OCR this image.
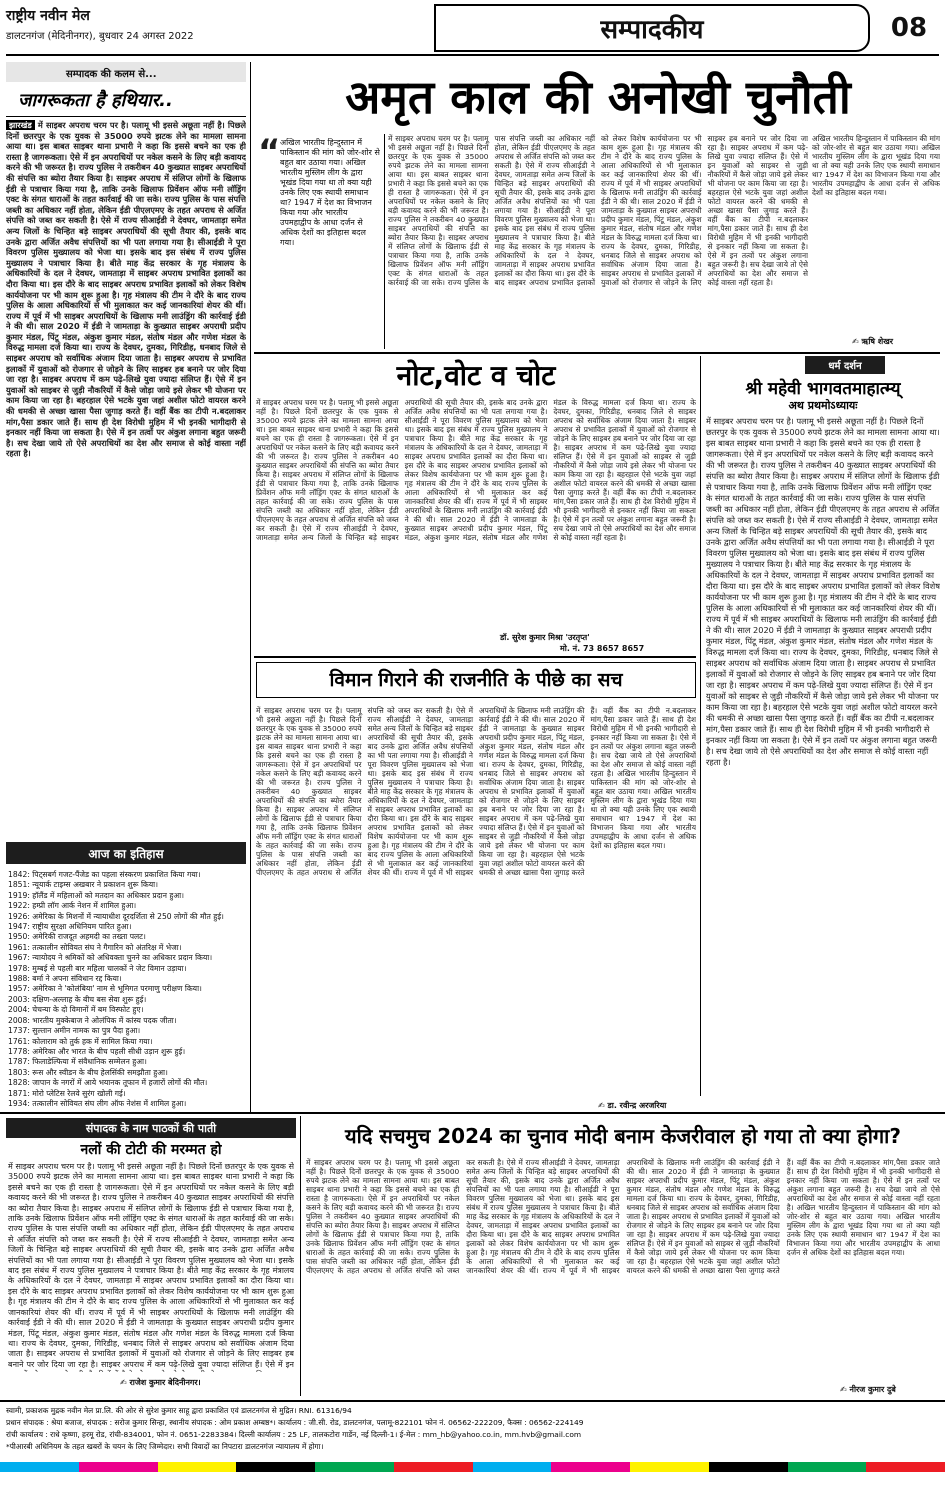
राष्ट्रीय नवीन मेल
डालटनगंज (मेदिनीनगर), बुधवार 24 अगस्त 2022	सम्पादकीय	08
सम्पादक की कलम से...
जागरूकता है हथियार..
झारखंड में साइबर अपराध चरम पर है। पलामू भी इससे अछूता नहीं है। पिछले दिनों छतरपुर के एक युवक से 35000 रुपये झटक लेने का मामला सामना आया था। इस बाबत साइबर थाना प्रभारी ने कहा कि इससे बचने का एक ही रास्ता है जागरूकता। ऐसे में इन अपराधियों पर नकेल कसने के लिए बड़ी कवायद करने की भी जरूरत है। राज्य पुलिस ने तकरीबन 40 कुख्यात साइबर अपराधियों की संपत्ति का ब्योरा तैयार किया है। साइबर अपराध में संलिप्त लोगों के खिलाफ ईडी से पत्राचार किया गया है, ताकि उनके खिलाफ प्रिवेंशन ऑफ मनी लॉड्रिंग एक्ट के संगत धाराओं के तहत कार्रवाई की जा सके। राज्य पुलिस के पास संपत्ति जब्ती का अधिकार नहीं होता, लेकिन ईडी पीएलएमए के तहत अपराध से अर्जित संपत्ति को जब्त कर सकती है। ऐसे में राज्य सीआईडी ने देवघर, जामताड़ा समेत अन्य जिलों के चिन्हित बड़े साइबर अपराधियों की सूची तैयार की, इसके बाद उनके द्वारा अर्जित अवैध संपत्तियों का भी पता लगाया गया है। सीआईडी ने पूरा विवरण पुलिस मुख्यालय को भेजा था। इसके बाद इस संबंध में राज्य पुलिस मुख्यालय ने पत्राचार किया है। बीते माह केंद्र सरकार के गृह मंत्रालय के अधिकारियों के दल ने देवघर, जामताड़ा में साइबर अपराध प्रभावित इलाकों का दौरा किया था। इस दौरे के बाद साइबर अपराध प्रभावित इलाकों को लेकर विशेष कार्ययोजना पर भी काम शुरू हुआ है। गृह मंत्रालय की टीम ने दौरे के बाद राज्य पुलिस के आला अधिकारियों से भी मुलाकात कर कई जानकारियां शेयर की थीं। राज्य में पूर्व में भी साइबर अपराधियों के खिलाफ मनी लाउंड्रिंग की कार्रवाई ईडी ने की थी। साल 2020 में ईडी ने जामताड़ा के कुख्यात साइबर अपराधी प्रदीप कुमार मंडल, पिंटू मंडल, अंकुश कुमार मंडल, संतोष मंडल और गणेश मंडल के विरुद्ध मामला दर्ज किया था। राज्य के देवघर, दुमका, गिरिडीह, धनबाद जिले से साइबर अपराध को सर्वाधिक अंजाम दिया जाता है। साइबर अपराध से प्रभावित इलाकों में युवाओं को रोजगार से जोड़ने के लिए साइबर हब बनाने पर जोर दिया जा रहा है। साइबर अपराध में कम पढ़े-लिखे युवा ज्यादा संलिप्त हैं। ऐसे में इन युवाओं को साइबर से जुड़ी नौकरियों में कैसे जोड़ा जाये इसे लेकर भी योजना पर काम किया जा रहा है। बहरहाल ऐसे भटके युवा जहां अशील फोटो वायरल करने की धमकी से अच्छा खासा पैसा जुगाड़ करते हैं। वहीं बैंक का टीपी न.बदलाकर मांग,पैसा डकार जाते हैं। साथ ही देश विरोधी मुहिम में भी इनकी भागीदारी से इनकार नहीं किया जा सकता है। ऐसे में इन तत्वों पर अंकुश लगाना बहुत जरूरी है। सच देखा जाये तो ऐसे अपराधियों का देश और समाज से कोई वास्ता नहीं रहता है।
आज का इतिहास
1842: पिट्सबर्ग गजट-पैंजेड का पहला संस्करण प्रकाशित किया गया।
1851: न्यूयार्क टाइम्स अखबार ने प्रकाशन शुरू किया।
1919: हॉलैंड में महिलाओं को मतदान का अधिकार प्रदान हुआ।
1922: हम्प्री लॉग आर्क नेशन में शामिल हुआ।
1926: अमेरिका के मिशनों में न्यायाधीश दूरदर्शिता से 250 लोगों की मौत हुई।
1947: राष्ट्रीय सुरक्षा अधिनियम पारित हुआ।
1950: अमेरिकी राजदूत अहमदी का तख्ता पलट।
1961: तत्कालीन सोवियत संघ ने गैगारिन को अंतरिक्ष में भेजा।
1967: न्यायोदय ने श्रमिकों को अधिवक्ता चुनने का अधिकार प्रदान किया।
1978: मुम्बई से पहली बार महिला चालकों ने जेट विमान उड़ाया।
1988: बर्मा ने अपना संविधान रद्द किया।
1957: अमेरिका ने 'कोलंबिया' नाम से भूमिगत परमाणु परीक्षण किया।
2003: दक्षिण-अल्लाह के बीच बस सेवा शुरू हुई।
2004: चेचन्या के दो विमानों में बम विस्फोट हुए।
2008: भारतीय मुक्केबाज ने ओलंपिक में कांस्य पदक जीता।
1737: सुल्तान अमीन नामक का पुत्र पैदा हुआ।
1761: कोलाराम को तुर्क हक में सामिल किया गया।
1778: अमेरिका और भारत के बीच पहली सीधी उड़ान शुरू हुई।
1787: फिलाडेल्फिया में संवैधानिक सम्मेलन हुआ।
1803: रूस और स्वीडन के बीच हेलसिंकी समझौता हुआ।
1828: जापान के नगरों में आये भयानक तूफान में हजारों लोगों की मौत।
1871: मोरो प्लेटिस रेलवे सुरंग खोली गई।
1934: तत्कालीन सोवियत संघ लीग ऑफ नेशंस में शामिल हुआ।
अमृत काल की अनोखी चुनौती
“ अखिल भारतीय हिन्दुस्तान में पाकिस्तान की मांग को जोर-शोर से बहुत बार उठाया गया। अखिल भारतीय मुस्लिम लीग के द्वारा भूखंड दिया गया था तो क्या यही उनके लिए एक स्थायी समाधान था? 1947 में देश का विभाजन किया गया और भारतीय उपमहाद्वीप के आधा दर्जन से अधिक देशों का इतिहास बदल गया।
में साइबर अपराध चरम पर है। पलामू भी इससे अछूता नहीं है। पिछले दिनों छतरपुर के एक युवक से 35000 रुपये झटक लेने का मामला सामना आया था। इस बाबत साइबर थाना प्रभारी ने कहा कि इससे बचने का एक ही रास्ता है जागरूकता। ऐसे में इन अपराधियों पर नकेल कसने के लिए बड़ी कवायद करने की भी जरूरत है। राज्य पुलिस ने तकरीबन 40 कुख्यात साइबर अपराधियों की संपत्ति का ब्योरा तैयार किया है। साइबर अपराध में संलिप्त लोगों के खिलाफ ईडी से पत्राचार किया गया है, ताकि उनके खिलाफ प्रिवेंशन ऑफ मनी लॉड्रिंग एक्ट के संगत धाराओं के तहत कार्रवाई की जा सके। राज्य पुलिस के पास संपत्ति जब्ती का अधिकार नहीं होता, लेकिन ईडी पीएलएमए के तहत अपराध से अर्जित संपत्ति को जब्त कर सकती है। ऐसे में राज्य सीआईडी ने देवघर, जामताड़ा समेत अन्य जिलों के चिन्हित बड़े साइबर अपराधियों की सूची तैयार की, इसके बाद उनके द्वारा अर्जित अवैध संपत्तियों का भी पता लगाया गया है। सीआईडी ने पूरा विवरण पुलिस मुख्यालय को भेजा था। इसके बाद इस संबंध में राज्य पुलिस मुख्यालय ने पत्राचार किया है। बीते माह केंद्र सरकार के गृह मंत्रालय के अधिकारियों के दल ने देवघर, जामताड़ा में साइबर अपराध प्रभावित इलाकों का दौरा किया था। इस दौरे के बाद साइबर अपराध प्रभावित इलाकों को लेकर विशेष कार्ययोजना पर भी काम शुरू हुआ है। गृह मंत्रालय की टीम ने दौरे के बाद राज्य पुलिस के आला अधिकारियों से भी मुलाकात कर कई जानकारियां शेयर की थीं। राज्य में पूर्व में भी साइबर अपराधियों के खिलाफ मनी लाउंड्रिंग की कार्रवाई ईडी ने की थी। साल 2020 में ईडी ने जामताड़ा के कुख्यात साइबर अपराधी प्रदीप कुमार मंडल, पिंटू मंडल, अंकुश कुमार मंडल, संतोष मंडल और गणेश मंडल के विरुद्ध मामला दर्ज किया था। राज्य के देवघर, दुमका, गिरिडीह, धनबाद जिले से साइबर अपराध को सर्वाधिक अंजाम दिया जाता है। साइबर अपराध से प्रभावित इलाकों में युवाओं को रोजगार से जोड़ने के लिए साइबर हब बनाने पर जोर दिया जा रहा है। साइबर अपराध में कम पढ़े-लिखे युवा ज्यादा संलिप्त हैं। ऐसे में इन युवाओं को साइबर से जुड़ी नौकरियों में कैसे जोड़ा जाये इसे लेकर भी योजना पर काम किया जा रहा है। बहरहाल ऐसे भटके युवा जहां अशील फोटो वायरल करने की धमकी से अच्छा खासा पैसा जुगाड़ करते हैं। वहीं बैंक का टीपी न.बदलाकर मांग,पैसा डकार जाते हैं। साथ ही देश विरोधी मुहिम में भी इनकी भागीदारी से इनकार नहीं किया जा सकता है। ऐसे में इन तत्वों पर अंकुश लगाना बहुत जरूरी है। सच देखा जाये तो ऐसे अपराधियों का देश और समाज से कोई वास्ता नहीं रहता है।
अखिल भारतीय हिन्दुस्तान में पाकिस्तान की मांग को जोर-शोर से बहुत बार उठाया गया। अखिल भारतीय मुस्लिम लीग के द्वारा भूखंड दिया गया था तो क्या यही उनके लिए एक स्थायी समाधान था? 1947 में देश का विभाजन किया गया और भारतीय उपमहाद्वीप के आधा दर्जन से अधिक देशों का इतिहास बदल गया।
✍ ऋषि शेखर
नोट,वोट व चोट
में साइबर अपराध चरम पर है। पलामू भी इससे अछूता नहीं है। पिछले दिनों छतरपुर के एक युवक से 35000 रुपये झटक लेने का मामला सामना आया था। इस बाबत साइबर थाना प्रभारी ने कहा कि इससे बचने का एक ही रास्ता है जागरूकता। ऐसे में इन अपराधियों पर नकेल कसने के लिए बड़ी कवायद करने की भी जरूरत है। राज्य पुलिस ने तकरीबन 40 कुख्यात साइबर अपराधियों की संपत्ति का ब्योरा तैयार किया है। साइबर अपराध में संलिप्त लोगों के खिलाफ ईडी से पत्राचार किया गया है, ताकि उनके खिलाफ प्रिवेंशन ऑफ मनी लॉड्रिंग एक्ट के संगत धाराओं के तहत कार्रवाई की जा सके। राज्य पुलिस के पास संपत्ति जब्ती का अधिकार नहीं होता, लेकिन ईडी पीएलएमए के तहत अपराध से अर्जित संपत्ति को जब्त कर सकती है। ऐसे में राज्य सीआईडी ने देवघर, जामताड़ा समेत अन्य जिलों के चिन्हित बड़े साइबर अपराधियों की सूची तैयार की, इसके बाद उनके द्वारा अर्जित अवैध संपत्तियों का भी पता लगाया गया है। सीआईडी ने पूरा विवरण पुलिस मुख्यालय को भेजा था। इसके बाद इस संबंध में राज्य पुलिस मुख्यालय ने पत्राचार किया है। बीते माह केंद्र सरकार के गृह मंत्रालय के अधिकारियों के दल ने देवघर, जामताड़ा में साइबर अपराध प्रभावित इलाकों का दौरा किया था। इस दौरे के बाद साइबर अपराध प्रभावित इलाकों को लेकर विशेष कार्ययोजना पर भी काम शुरू हुआ है। गृह मंत्रालय की टीम ने दौरे के बाद राज्य पुलिस के आला अधिकारियों से भी मुलाकात कर कई जानकारियां शेयर की थीं। राज्य में पूर्व में भी साइबर अपराधियों के खिलाफ मनी लाउंड्रिंग की कार्रवाई ईडी ने की थी। साल 2020 में ईडी ने जामताड़ा के कुख्यात साइबर अपराधी प्रदीप कुमार मंडल, पिंटू मंडल, अंकुश कुमार मंडल, संतोष मंडल और गणेश मंडल के विरुद्ध मामला दर्ज किया था। राज्य के देवघर, दुमका, गिरिडीह, धनबाद जिले से साइबर अपराध को सर्वाधिक अंजाम दिया जाता है। साइबर अपराध से प्रभावित इलाकों में युवाओं को रोजगार से जोड़ने के लिए साइबर हब बनाने पर जोर दिया जा रहा है। साइबर अपराध में कम पढ़े-लिखे युवा ज्यादा संलिप्त हैं। ऐसे में इन युवाओं को साइबर से जुड़ी नौकरियों में कैसे जोड़ा जाये इसे लेकर भी योजना पर काम किया जा रहा है। बहरहाल ऐसे भटके युवा जहां अशील फोटो वायरल करने की धमकी से अच्छा खासा पैसा जुगाड़ करते हैं। वहीं बैंक का टीपी न.बदलाकर मांग,पैसा डकार जाते हैं। साथ ही देश विरोधी मुहिम में भी इनकी भागीदारी से इनकार नहीं किया जा सकता है। ऐसे में इन तत्वों पर अंकुश लगाना बहुत जरूरी है। सच देखा जाये तो ऐसे अपराधियों का देश और समाज से कोई वास्ता नहीं रहता है।
डॉ. सुरेश कुमार मिश्रा 'उरतृप्त'
मो. नं. 73 8657 8657
धर्म दर्शन
श्री महेवी भागवतमाहात्म्य्
अथ प्रथमोऽध्यायः
में साइबर अपराध चरम पर है। पलामू भी इससे अछूता नहीं है। पिछले दिनों छतरपुर के एक युवक से 35000 रुपये झटक लेने का मामला सामना आया था। इस बाबत साइबर थाना प्रभारी ने कहा कि इससे बचने का एक ही रास्ता है जागरूकता। ऐसे में इन अपराधियों पर नकेल कसने के लिए बड़ी कवायद करने की भी जरूरत है। राज्य पुलिस ने तकरीबन 40 कुख्यात साइबर अपराधियों की संपत्ति का ब्योरा तैयार किया है। साइबर अपराध में संलिप्त लोगों के खिलाफ ईडी से पत्राचार किया गया है, ताकि उनके खिलाफ प्रिवेंशन ऑफ मनी लॉड्रिंग एक्ट के संगत धाराओं के तहत कार्रवाई की जा सके। राज्य पुलिस के पास संपत्ति जब्ती का अधिकार नहीं होता, लेकिन ईडी पीएलएमए के तहत अपराध से अर्जित संपत्ति को जब्त कर सकती है। ऐसे में राज्य सीआईडी ने देवघर, जामताड़ा समेत अन्य जिलों के चिन्हित बड़े साइबर अपराधियों की सूची तैयार की, इसके बाद उनके द्वारा अर्जित अवैध संपत्तियों का भी पता लगाया गया है। सीआईडी ने पूरा विवरण पुलिस मुख्यालय को भेजा था। इसके बाद इस संबंध में राज्य पुलिस मुख्यालय ने पत्राचार किया है। बीते माह केंद्र सरकार के गृह मंत्रालय के अधिकारियों के दल ने देवघर, जामताड़ा में साइबर अपराध प्रभावित इलाकों का दौरा किया था। इस दौरे के बाद साइबर अपराध प्रभावित इलाकों को लेकर विशेष कार्ययोजना पर भी काम शुरू हुआ है। गृह मंत्रालय की टीम ने दौरे के बाद राज्य पुलिस के आला अधिकारियों से भी मुलाकात कर कई जानकारियां शेयर की थीं। राज्य में पूर्व में भी साइबर अपराधियों के खिलाफ मनी लाउंड्रिंग की कार्रवाई ईडी ने की थी। साल 2020 में ईडी ने जामताड़ा के कुख्यात साइबर अपराधी प्रदीप कुमार मंडल, पिंटू मंडल, अंकुश कुमार मंडल, संतोष मंडल और गणेश मंडल के विरुद्ध मामला दर्ज किया था। राज्य के देवघर, दुमका, गिरिडीह, धनबाद जिले से साइबर अपराध को सर्वाधिक अंजाम दिया जाता है। साइबर अपराध से प्रभावित इलाकों में युवाओं को रोजगार से जोड़ने के लिए साइबर हब बनाने पर जोर दिया जा रहा है। साइबर अपराध में कम पढ़े-लिखे युवा ज्यादा संलिप्त हैं। ऐसे में इन युवाओं को साइबर से जुड़ी नौकरियों में कैसे जोड़ा जाये इसे लेकर भी योजना पर काम किया जा रहा है। बहरहाल ऐसे भटके युवा जहां अशील फोटो वायरल करने की धमकी से अच्छा खासा पैसा जुगाड़ करते हैं। वहीं बैंक का टीपी न.बदलाकर मांग,पैसा डकार जाते हैं। साथ ही देश विरोधी मुहिम में भी इनकी भागीदारी से इनकार नहीं किया जा सकता है। ऐसे में इन तत्वों पर अंकुश लगाना बहुत जरूरी है। सच देखा जाये तो ऐसे अपराधियों का देश और समाज से कोई वास्ता नहीं रहता है।
विमान गिराने की राजनीति के पीछे का सच
में साइबर अपराध चरम पर है। पलामू भी इससे अछूता नहीं है। पिछले दिनों छतरपुर के एक युवक से 35000 रुपये झटक लेने का मामला सामना आया था। इस बाबत साइबर थाना प्रभारी ने कहा कि इससे बचने का एक ही रास्ता है जागरूकता। ऐसे में इन अपराधियों पर नकेल कसने के लिए बड़ी कवायद करने की भी जरूरत है। राज्य पुलिस ने तकरीबन 40 कुख्यात साइबर अपराधियों की संपत्ति का ब्योरा तैयार किया है। साइबर अपराध में संलिप्त लोगों के खिलाफ ईडी से पत्राचार किया गया है, ताकि उनके खिलाफ प्रिवेंशन ऑफ मनी लॉड्रिंग एक्ट के संगत धाराओं के तहत कार्रवाई की जा सके। राज्य पुलिस के पास संपत्ति जब्ती का अधिकार नहीं होता, लेकिन ईडी पीएलएमए के तहत अपराध से अर्जित संपत्ति को जब्त कर सकती है। ऐसे में राज्य सीआईडी ने देवघर, जामताड़ा समेत अन्य जिलों के चिन्हित बड़े साइबर अपराधियों की सूची तैयार की, इसके बाद उनके द्वारा अर्जित अवैध संपत्तियों का भी पता लगाया गया है। सीआईडी ने पूरा विवरण पुलिस मुख्यालय को भेजा था। इसके बाद इस संबंध में राज्य पुलिस मुख्यालय ने पत्राचार किया है। बीते माह केंद्र सरकार के गृह मंत्रालय के अधिकारियों के दल ने देवघर, जामताड़ा में साइबर अपराध प्रभावित इलाकों का दौरा किया था। इस दौरे के बाद साइबर अपराध प्रभावित इलाकों को लेकर विशेष कार्ययोजना पर भी काम शुरू हुआ है। गृह मंत्रालय की टीम ने दौरे के बाद राज्य पुलिस के आला अधिकारियों से भी मुलाकात कर कई जानकारियां शेयर की थीं। राज्य में पूर्व में भी साइबर अपराधियों के खिलाफ मनी लाउंड्रिंग की कार्रवाई ईडी ने की थी। साल 2020 में ईडी ने जामताड़ा के कुख्यात साइबर अपराधी प्रदीप कुमार मंडल, पिंटू मंडल, अंकुश कुमार मंडल, संतोष मंडल और गणेश मंडल के विरुद्ध मामला दर्ज किया था। राज्य के देवघर, दुमका, गिरिडीह, धनबाद जिले से साइबर अपराध को सर्वाधिक अंजाम दिया जाता है। साइबर अपराध से प्रभावित इलाकों में युवाओं को रोजगार से जोड़ने के लिए साइबर हब बनाने पर जोर दिया जा रहा है। साइबर अपराध में कम पढ़े-लिखे युवा ज्यादा संलिप्त हैं। ऐसे में इन युवाओं को साइबर से जुड़ी नौकरियों में कैसे जोड़ा जाये इसे लेकर भी योजना पर काम किया जा रहा है। बहरहाल ऐसे भटके युवा जहां अशील फोटो वायरल करने की धमकी से अच्छा खासा पैसा जुगाड़ करते हैं। वहीं बैंक का टीपी न.बदलाकर मांग,पैसा डकार जाते हैं। साथ ही देश विरोधी मुहिम में भी इनकी भागीदारी से इनकार नहीं किया जा सकता है। ऐसे में इन तत्वों पर अंकुश लगाना बहुत जरूरी है। सच देखा जाये तो ऐसे अपराधियों का देश और समाज से कोई वास्ता नहीं रहता है। अखिल भारतीय हिन्दुस्तान में पाकिस्तान की मांग को जोर-शोर से बहुत बार उठाया गया। अखिल भारतीय मुस्लिम लीग के द्वारा भूखंड दिया गया था तो क्या यही उनके लिए एक स्थायी समाधान था? 1947 में देश का विभाजन किया गया और भारतीय उपमहाद्वीप के आधा दर्जन से अधिक देशों का इतिहास बदल गया।
✍ डा. रवीन्द्र अरजरिया
संपादक के नाम पाठकों की पाती
नलों की टोटी की मरम्मत हो
में साइबर अपराध चरम पर है। पलामू भी इससे अछूता नहीं है। पिछले दिनों छतरपुर के एक युवक से 35000 रुपये झटक लेने का मामला सामना आया था। इस बाबत साइबर थाना प्रभारी ने कहा कि इससे बचने का एक ही रास्ता है जागरूकता। ऐसे में इन अपराधियों पर नकेल कसने के लिए बड़ी कवायद करने की भी जरूरत है। राज्य पुलिस ने तकरीबन 40 कुख्यात साइबर अपराधियों की संपत्ति का ब्योरा तैयार किया है। साइबर अपराध में संलिप्त लोगों के खिलाफ ईडी से पत्राचार किया गया है, ताकि उनके खिलाफ प्रिवेंशन ऑफ मनी लॉड्रिंग एक्ट के संगत धाराओं के तहत कार्रवाई की जा सके। राज्य पुलिस के पास संपत्ति जब्ती का अधिकार नहीं होता, लेकिन ईडी पीएलएमए के तहत अपराध से अर्जित संपत्ति को जब्त कर सकती है। ऐसे में राज्य सीआईडी ने देवघर, जामताड़ा समेत अन्य जिलों के चिन्हित बड़े साइबर अपराधियों की सूची तैयार की, इसके बाद उनके द्वारा अर्जित अवैध संपत्तियों का भी पता लगाया गया है। सीआईडी ने पूरा विवरण पुलिस मुख्यालय को भेजा था। इसके बाद इस संबंध में राज्य पुलिस मुख्यालय ने पत्राचार किया है। बीते माह केंद्र सरकार के गृह मंत्रालय के अधिकारियों के दल ने देवघर, जामताड़ा में साइबर अपराध प्रभावित इलाकों का दौरा किया था। इस दौरे के बाद साइबर अपराध प्रभावित इलाकों को लेकर विशेष कार्ययोजना पर भी काम शुरू हुआ है। गृह मंत्रालय की टीम ने दौरे के बाद राज्य पुलिस के आला अधिकारियों से भी मुलाकात कर कई जानकारियां शेयर की थीं। राज्य में पूर्व में भी साइबर अपराधियों के खिलाफ मनी लाउंड्रिंग की कार्रवाई ईडी ने की थी। साल 2020 में ईडी ने जामताड़ा के कुख्यात साइबर अपराधी प्रदीप कुमार मंडल, पिंटू मंडल, अंकुश कुमार मंडल, संतोष मंडल और गणेश मंडल के विरुद्ध मामला दर्ज किया था। राज्य के देवघर, दुमका, गिरिडीह, धनबाद जिले से साइबर अपराध को सर्वाधिक अंजाम दिया जाता है। साइबर अपराध से प्रभावित इलाकों में युवाओं को रोजगार से जोड़ने के लिए साइबर हब बनाने पर जोर दिया जा रहा है। साइबर अपराध में कम पढ़े-लिखे युवा ज्यादा संलिप्त हैं। ऐसे में इन
✍ राजेश कुमार बेदिनीनगर।
यदि सचमुच 2024 का चुनाव मोदी बनाम केजरीवाल हो गया तो क्या होगा?
में साइबर अपराध चरम पर है। पलामू भी इससे अछूता नहीं है। पिछले दिनों छतरपुर के एक युवक से 35000 रुपये झटक लेने का मामला सामना आया था। इस बाबत साइबर थाना प्रभारी ने कहा कि इससे बचने का एक ही रास्ता है जागरूकता। ऐसे में इन अपराधियों पर नकेल कसने के लिए बड़ी कवायद करने की भी जरूरत है। राज्य पुलिस ने तकरीबन 40 कुख्यात साइबर अपराधियों की संपत्ति का ब्योरा तैयार किया है। साइबर अपराध में संलिप्त लोगों के खिलाफ ईडी से पत्राचार किया गया है, ताकि उनके खिलाफ प्रिवेंशन ऑफ मनी लॉड्रिंग एक्ट के संगत धाराओं के तहत कार्रवाई की जा सके। राज्य पुलिस के पास संपत्ति जब्ती का अधिकार नहीं होता, लेकिन ईडी पीएलएमए के तहत अपराध से अर्जित संपत्ति को जब्त कर सकती है। ऐसे में राज्य सीआईडी ने देवघर, जामताड़ा समेत अन्य जिलों के चिन्हित बड़े साइबर अपराधियों की सूची तैयार की, इसके बाद उनके द्वारा अर्जित अवैध संपत्तियों का भी पता लगाया गया है। सीआईडी ने पूरा विवरण पुलिस मुख्यालय को भेजा था। इसके बाद इस संबंध में राज्य पुलिस मुख्यालय ने पत्राचार किया है। बीते माह केंद्र सरकार के गृह मंत्रालय के अधिकारियों के दल ने देवघर, जामताड़ा में साइबर अपराध प्रभावित इलाकों का दौरा किया था। इस दौरे के बाद साइबर अपराध प्रभावित इलाकों को लेकर विशेष कार्ययोजना पर भी काम शुरू हुआ है। गृह मंत्रालय की टीम ने दौरे के बाद राज्य पुलिस के आला अधिकारियों से भी मुलाकात कर कई जानकारियां शेयर की थीं। राज्य में पूर्व में भी साइबर अपराधियों के खिलाफ मनी लाउंड्रिंग की कार्रवाई ईडी ने की थी। साल 2020 में ईडी ने जामताड़ा के कुख्यात साइबर अपराधी प्रदीप कुमार मंडल, पिंटू मंडल, अंकुश कुमार मंडल, संतोष मंडल और गणेश मंडल के विरुद्ध मामला दर्ज किया था। राज्य के देवघर, दुमका, गिरिडीह, धनबाद जिले से साइबर अपराध को सर्वाधिक अंजाम दिया जाता है। साइबर अपराध से प्रभावित इलाकों में युवाओं को रोजगार से जोड़ने के लिए साइबर हब बनाने पर जोर दिया जा रहा है। साइबर अपराध में कम पढ़े-लिखे युवा ज्यादा संलिप्त हैं। ऐसे में इन युवाओं को साइबर से जुड़ी नौकरियों में कैसे जोड़ा जाये इसे लेकर भी योजना पर काम किया जा रहा है। बहरहाल ऐसे भटके युवा जहां अशील फोटो वायरल करने की धमकी से अच्छा खासा पैसा जुगाड़ करते हैं। वहीं बैंक का टीपी न.बदलाकर मांग,पैसा डकार जाते हैं। साथ ही देश विरोधी मुहिम में भी इनकी भागीदारी से इनकार नहीं किया जा सकता है। ऐसे में इन तत्वों पर अंकुश लगाना बहुत जरूरी है। सच देखा जाये तो ऐसे अपराधियों का देश और समाज से कोई वास्ता नहीं रहता है। अखिल भारतीय हिन्दुस्तान में पाकिस्तान की मांग को जोर-शोर से बहुत बार उठाया गया। अखिल भारतीय मुस्लिम लीग के द्वारा भूखंड दिया गया था तो क्या यही उनके लिए एक स्थायी समाधान था? 1947 में देश का विभाजन किया गया और भारतीय उपमहाद्वीप के आधा दर्जन से अधिक देशों का इतिहास बदल गया।
✍ नीरज कुमार दुबे
स्वामी, प्रकाशक मुद्रक नवीन मेल प्रा.लि. की ओर से सुरेश कुमार साहू द्वारा प्रकाशित एवं डालटनगंज से मुद्रित। RNI. 61316/94
प्रधान संपादक : श्रेया बजाज, संपादक : सरोज कुमार सिन्हा, स्थानीय संपादक : ओम प्रकाश अम्बष्ठ*। कार्यालय : जी.सी. रोड, डालटनगंज, पलामू-822101 फोन नं. 06562-222209, फैक्स : 06562-224149
रांची कार्यालय : राधे कृष्णा, हरमू रोड, रांची-834001, फोन नं. 0651-2283384। दिल्ली कार्यालय : 25 LF, तालकटोरा गार्डेन, नई दिल्ली-1। ई-मेल : mm_hb@yahoo.co.in, mm.hvb@gmail.com
*पीआरबी अधिनियम के तहत खबरों के चयन के लिए जिम्मेदार। सभी विवादों का निपटारा डालटनगंज न्यायालय में होगा।
